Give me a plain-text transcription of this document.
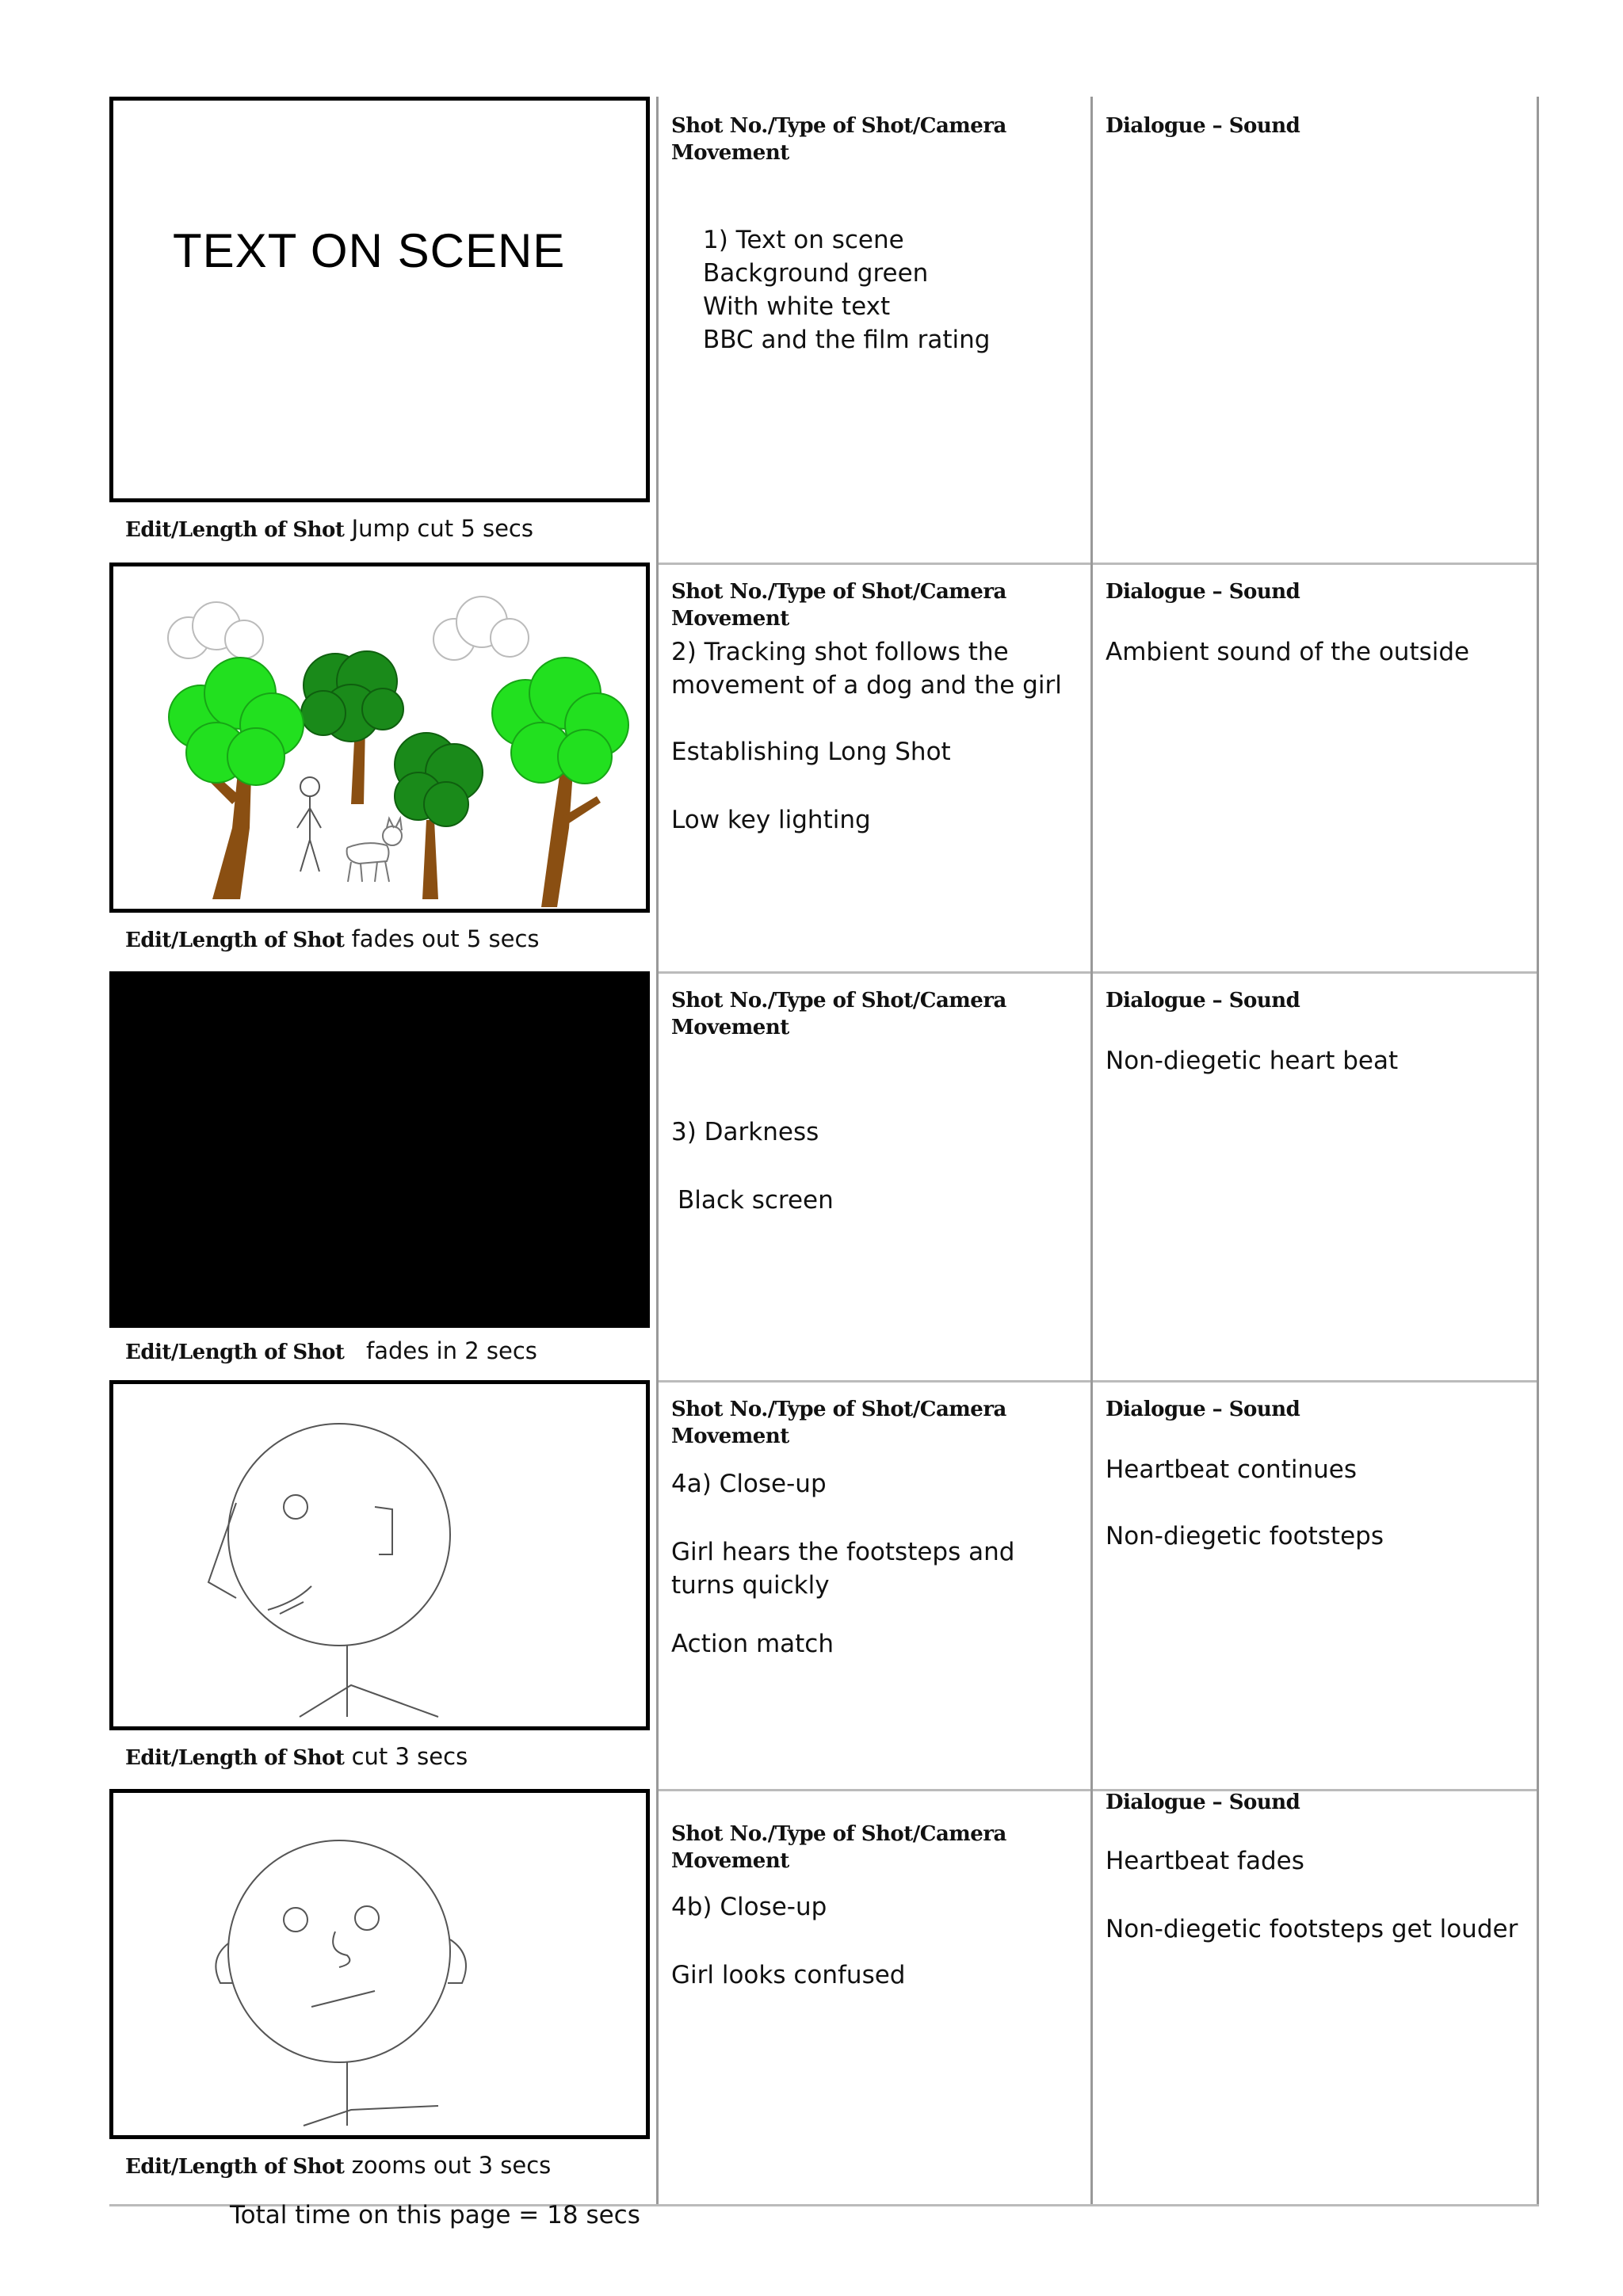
TEXT ON SCENE
Edit/Length of Shot Jump cut 5 secs
Shot No./Type of Shot/Camera Movement
1) Text on scene
Background green
With white text
BBC and the film rating
Dialogue – Sound
Edit/Length of Shot fades out 5 secs
Shot No./Type of Shot/Camera Movement
2) Tracking shot follows the
movement of a dog and the girl
Establishing Long Shot
Low key lighting
Dialogue – Sound
Ambient sound of the outside
Edit/Length of Shot fades in 2 secs
Shot No./Type of Shot/Camera Movement
3) Darkness
Black screen
Dialogue – Sound
Non-diegetic heart beat
Edit/Length of Shot cut 3 secs
Shot No./Type of Shot/Camera Movement
4a) Close-up
Girl hears the footsteps and
turns quickly
Action match
Dialogue – Sound
Heartbeat continues
Non-diegetic footsteps
Edit/Length of Shot zooms out 3 secs
Shot No./Type of Shot/Camera Movement
4b) Close-up
Girl looks confused
Dialogue – Sound
Heartbeat fades
Non-diegetic footsteps get louder
Total time on this page = 18 secs
